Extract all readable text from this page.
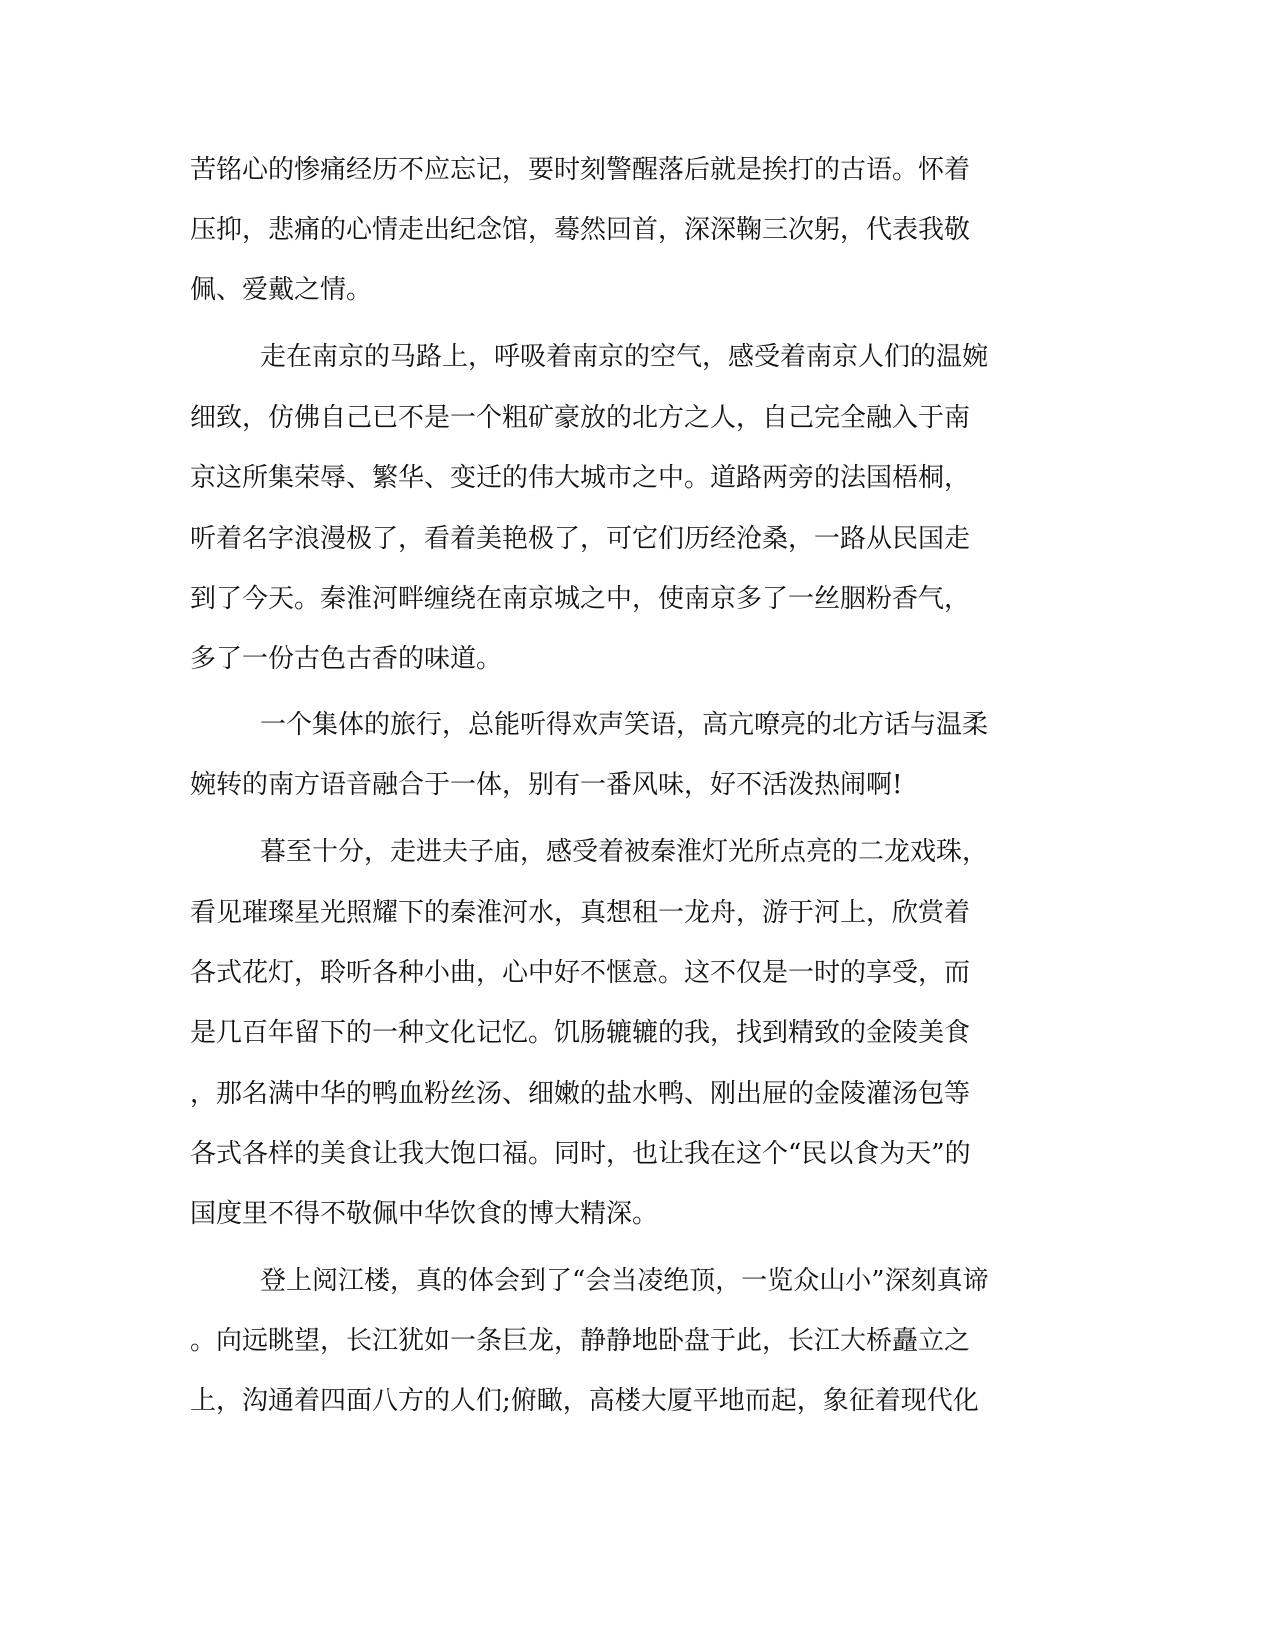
苦铭心的惨痛经历不应忘记，要时刻警醒落后就是挨打的古语。怀着
压抑，悲痛的心情走出纪念馆，蓦然回首，深深鞠三次躬，代表我敬
佩、爱戴之情。
走在南京的马路上，呼吸着南京的空气，感受着南京人们的温婉
细致，仿佛自己已不是一个粗矿豪放的北方之人，自己完全融入于南
京这所集荣辱、繁华、变迁的伟大城市之中。道路两旁的法国梧桐，
听着名字浪漫极了，看着美艳极了，可它们历经沧桑，一路从民国走
到了今天。秦淮河畔缠绕在南京城之中，使南京多了一丝胭粉香气，
多了一份古色古香的味道。
一个集体的旅行，总能听得欢声笑语，高亢嘹亮的北方话与温柔
婉转的南方语音融合于一体，别有一番风味，好不活泼热闹啊!
暮至十分，走进夫子庙，感受着被秦淮灯光所点亮的二龙戏珠，
看见璀璨星光照耀下的秦淮河水，真想租一龙舟，游于河上，欣赏着
各式花灯，聆听各种小曲，心中好不惬意。这不仅是一时的享受，而
是几百年留下的一种文化记忆。饥肠辘辘的我，找到精致的金陵美食
，那名满中华的鸭血粉丝汤、细嫩的盐水鸭、刚出屉的金陵灌汤包等
各式各样的美食让我大饱口福。同时，也让我在这个“民以食为天”的
国度里不得不敬佩中华饮食的博大精深。
登上阅江楼，真的体会到了“会当凌绝顶，一览众山小”深刻真谛
。向远眺望，长江犹如一条巨龙，静静地卧盘于此，长江大桥矗立之
上，沟通着四面八方的人们;俯瞰，高楼大厦平地而起，象征着现代化
